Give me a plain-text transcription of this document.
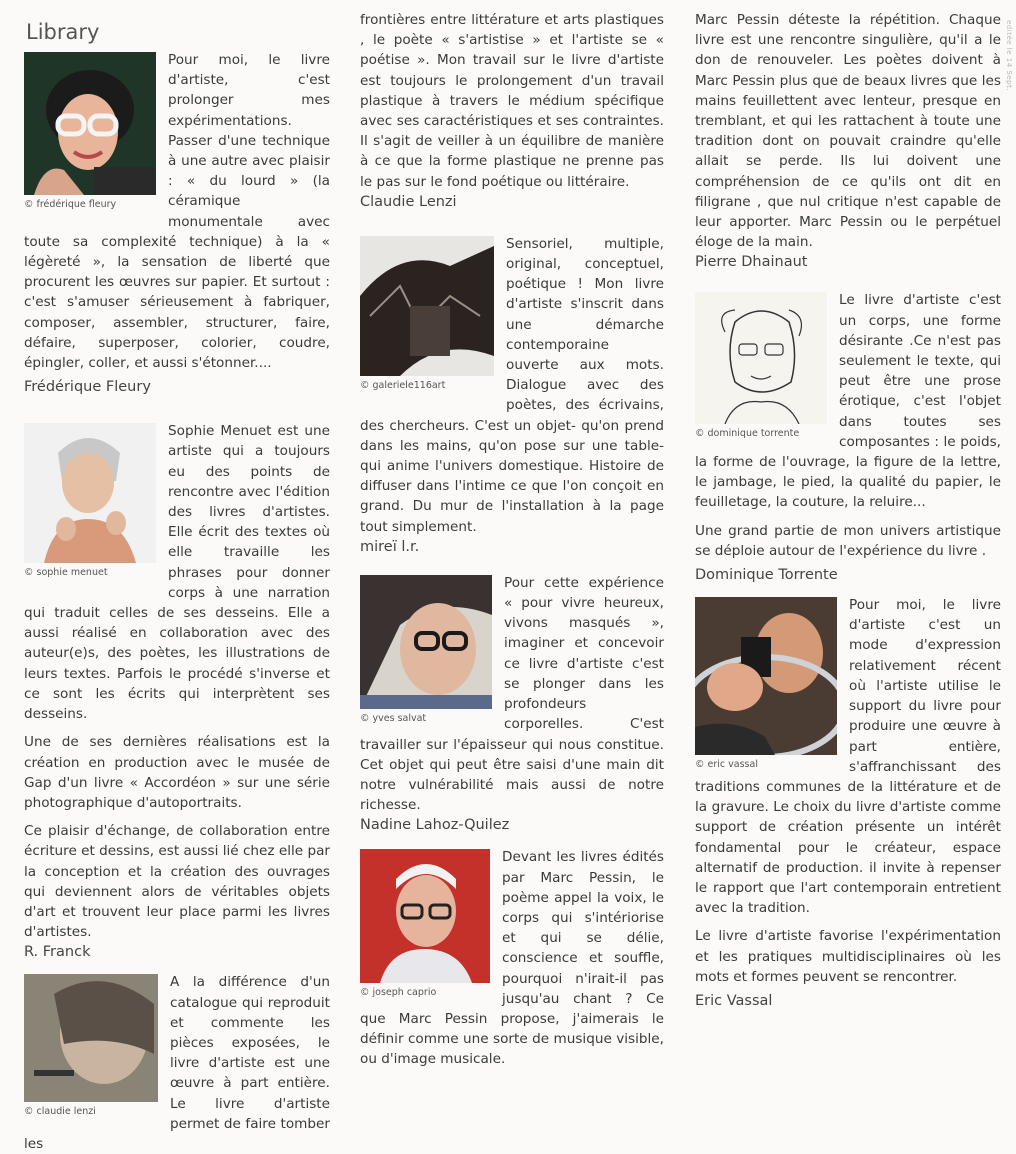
editée le 14 Sept.
Library
© frédérique fleury

Pour moi, le livre d'artiste, c'est prolonger mes expérimentations. Passer d'une technique à une autre avec plaisir : « du lourd » (la céramique monumentale avec toute sa complexité technique) à la « légèreté », la sensation de liberté que procurent les œuvres sur papier. Et surtout : c'est s'amuser sérieusement à fabriquer, composer, assembler, structurer, faire, défaire, superposer, colorier, coudre, épingler, coller, et aussi s'étonner....

Frédérique Fleury
© sophie menuet

Sophie Menuet est une artiste qui a toujours eu des points de rencontre avec l'édition des livres d'artistes. Elle écrit des textes où elle travaille les phrases pour donner corps à une narration qui traduit celles de ses desseins. Elle a aussi réalisé en collaboration avec des auteur(e)s, des poètes, les illustrations de leurs textes. Parfois le procédé s'inverse et ce sont les écrits qui interprètent ses desseins.

Une de ses dernières réalisations est la création en production avec le musée de Gap d'un livre « Accordéon » sur une série photographique d'autoportraits.

Ce plaisir d'échange, de collaboration entre écriture et dessins, est aussi lié chez elle par la conception et la création des ouvrages qui deviennent alors de véritables objets d'art et trouvent leur place parmi les livres d'artistes.

R. Franck
© claudie lenzi

A la différence d'un catalogue qui reproduit et commente les pièces exposées, le livre d'artiste est une œuvre à part entière. Le livre d'artiste permet de faire tomber les

frontières entre littérature et arts plastiques , le poète « s'artistise » et l'artiste se « poétise ». Mon travail sur le livre d'artiste est toujours le prolongement d'un travail plastique à travers le médium spécifique avec ses caractéristiques et ses contraintes. Il s'agit de veiller à un équilibre de manière à ce que la forme plastique ne prenne pas le pas sur le fond poétique ou littéraire.

Claudie Lenzi
© galeriele116art

Sensoriel, multiple, original, conceptuel, poétique ! Mon livre d'artiste s'inscrit dans une démarche contemporaine ouverte aux mots. Dialogue avec des poètes, des écrivains, des chercheurs. C'est un objet- qu'on prend dans les mains, qu'on pose sur une table- qui anime l'univers domestique. Histoire de diffuser dans l'intime ce que l'on conçoit en grand. Du mur de l'installation à la page tout simplement.

mireï l.r.
© yves salvat

Pour cette expérience « pour vivre heureux, vivons masqués », imaginer et concevoir ce livre d'artiste c'est se plonger dans les profondeurs corporelles. C'est travailler sur l'épaisseur qui nous constitue. Cet objet qui peut être saisi d'une main dit notre vulnérabilité mais aussi de notre richesse.

Nadine Lahoz-Quilez
© joseph caprio

Devant les livres édités par Marc Pessin, le poème appel la voix, le corps qui s'intériorise et qui se délie, conscience et souffle, pourquoi n'irait-il pas jusqu'au chant ? Ce que Marc Pessin propose, j'aimerais le définir comme une sorte de musique visible, ou d'image musicale.

Marc Pessin déteste la répétition. Chaque livre est une rencontre singulière, qu'il a le don de renouveler. Les poètes doivent à Marc Pessin plus que de beaux livres que les mains feuillettent avec lenteur, presque en tremblant, et qui les rattachent à toute une tradition dont on pouvait craindre qu'elle allait se perde. Ils lui doivent une compréhension de ce qu'ils ont dit en filigrane , que nul critique n'est capable de leur apporter. Marc Pessin ou le perpétuel éloge de la main.

Pierre Dhainaut
© dominique torrente

Le livre d'artiste c'est un corps, une forme désirante .Ce n'est pas seulement le texte, qui peut être une prose érotique, c'est l'objet dans toutes ses composantes : le poids, la forme de l'ouvrage, la figure de la lettre, le jambage, le pied, la qualité du papier, le feuilletage, la couture, la reluire...

Une grand partie de mon univers artistique se déploie autour de l'expérience du livre .

Dominique Torrente
© eric vassal

Pour moi, le livre d'artiste c'est un mode d'expression relativement récent où l'artiste utilise le support du livre pour produire une œuvre à part entière, s'affranchissant des traditions communes de la littérature et de la gravure. Le choix du livre d'artiste comme support de création présente un intérêt fondamental pour le créateur, espace alternatif de production. il invite à repenser le rapport que l'art contemporain entretient avec la tradition.

Le livre d'artiste favorise l'expérimentation et les pratiques multidisciplinaires où les mots et formes peuvent se rencontrer.

Eric Vassal
